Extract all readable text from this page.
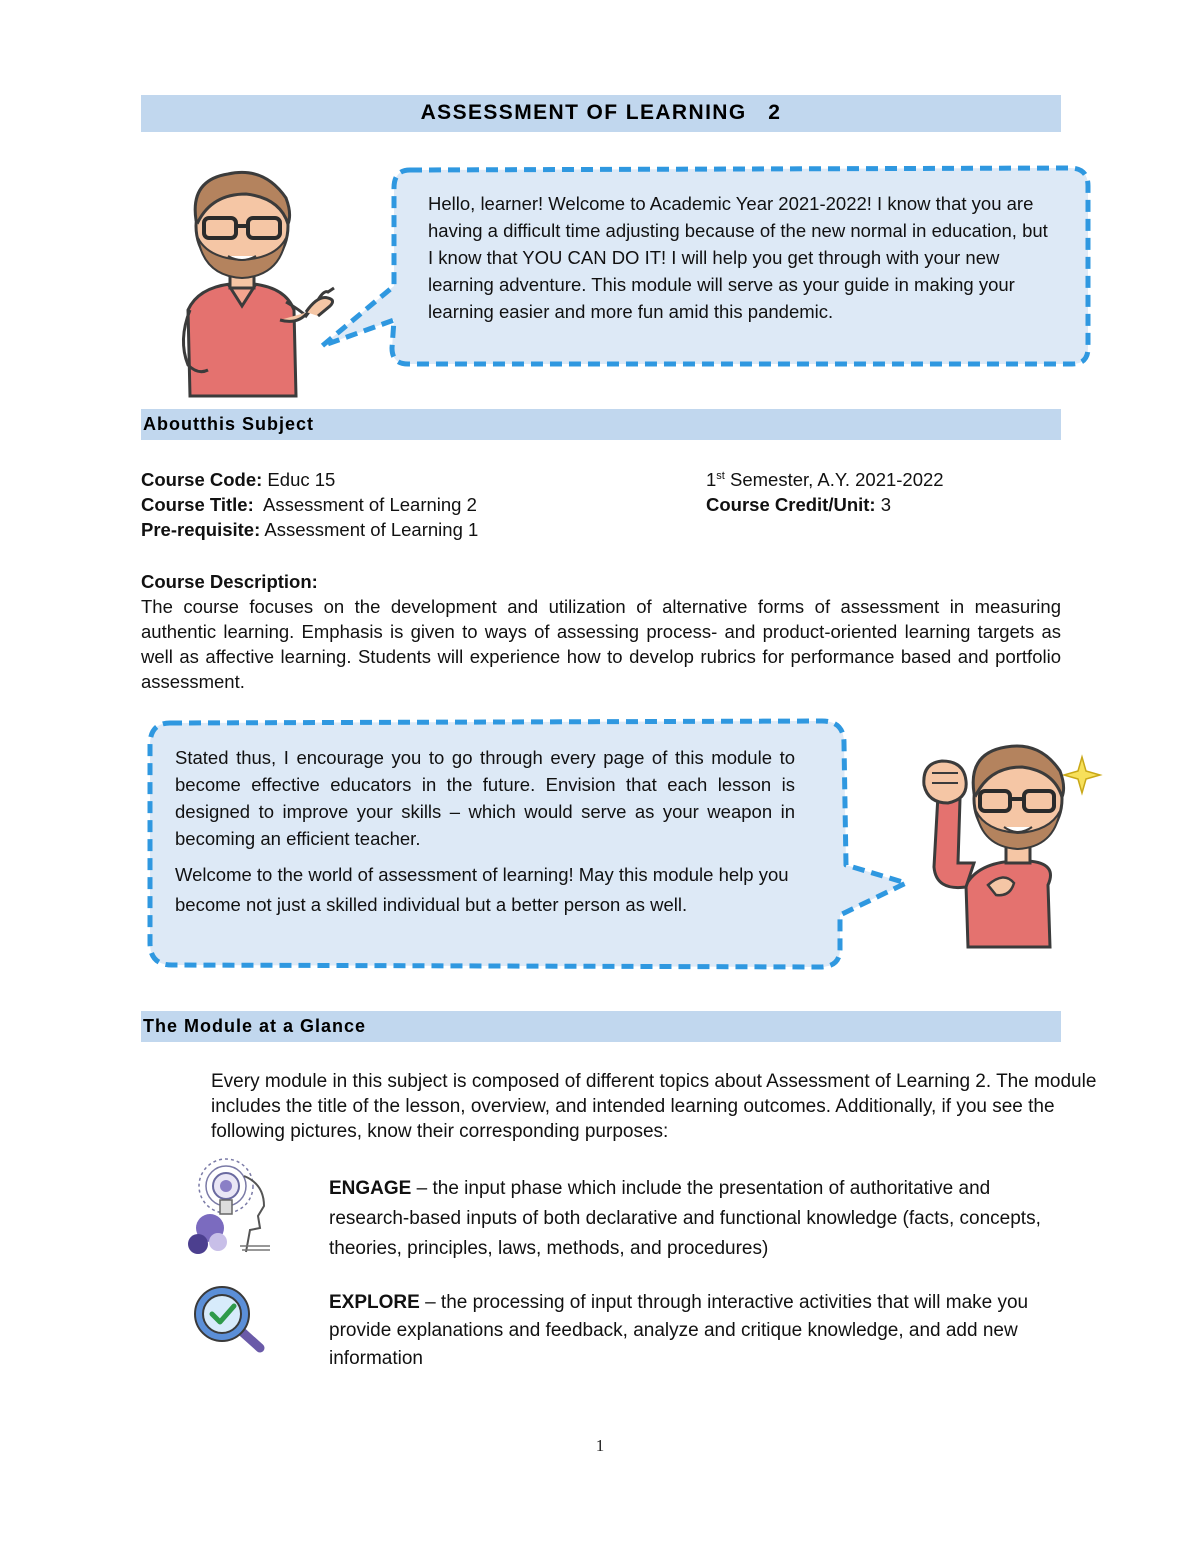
ASSESSMENT OF LEARNING   2
Hello, learner! Welcome to Academic Year 2021-2022! I know that you are having a difficult time adjusting because of the new normal in education, but I know that YOU CAN DO IT! I will help you get through with your new learning adventure. This module will serve as your guide in making your learning easier and more fun amid this pandemic.
Aboutthis Subject
Course Code: Educ 15	1st Semester, A.Y. 2021-2022
Course Title:  Assessment of Learning 2	Course Credit/Unit: 3
Pre-requisite: Assessment of Learning 1
Course Description:
The course focuses on the development and utilization of alternative forms of assessment in measuring authentic learning. Emphasis is given to ways of assessing process- and product-oriented learning targets as well as affective learning. Students will experience how to develop rubrics for performance based and portfolio assessment.
Stated thus, I encourage you to go through every page of this module to become effective educators in the future. Envision that each lesson is designed to improve your skills – which would serve as your weapon in becoming an efficient teacher.
Welcome to the world of assessment of learning! May this module help you become not just a skilled individual but a better person as well.
The Module at a Glance
Every module in this subject is composed of different topics about Assessment of Learning 2. The module includes the title of the lesson, overview, and intended learning outcomes. Additionally, if you see the following pictures, know their corresponding purposes:
ENGAGE – the input phase which include the presentation of authoritative and research-based inputs of both declarative and functional knowledge (facts, concepts, theories, principles, laws, methods, and procedures)
EXPLORE – the processing of input through interactive activities that will make you provide explanations and feedback, analyze and critique knowledge, and add new information
1
